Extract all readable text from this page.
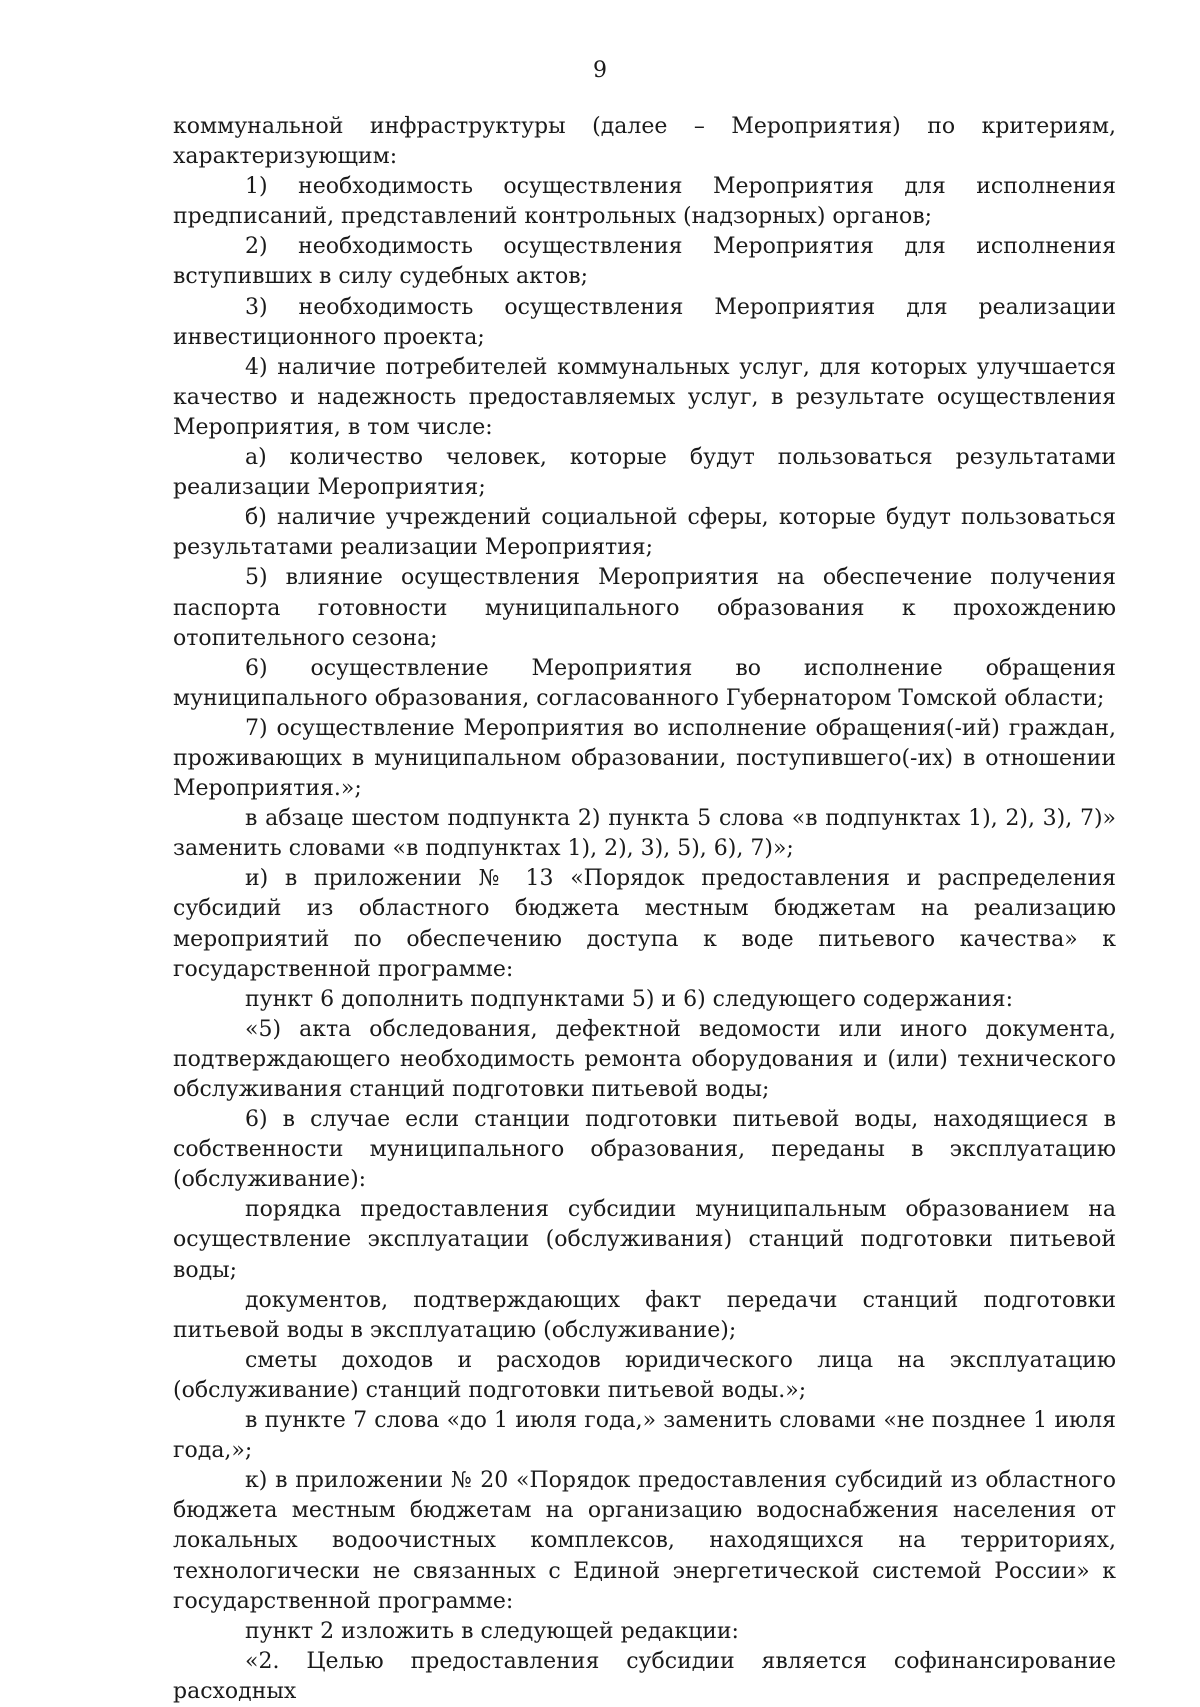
9

коммунальной инфраструктуры (далее – Мероприятия) по критериям, характеризующим:

1) необходимость осуществления Мероприятия для исполнения предписаний, представлений контрольных (надзорных) органов;

2) необходимость осуществления Мероприятия для исполнения вступивших в силу судебных актов;

3) необходимость осуществления Мероприятия для реализации инвестиционного проекта;

4) наличие потребителей коммунальных услуг, для которых улучшается качество и надежность предоставляемых услуг, в результате осуществления Мероприятия, в том числе:

а) количество человек, которые будут пользоваться результатами реализации Мероприятия;

б) наличие учреждений социальной сферы, которые будут пользоваться результатами реализации Мероприятия;

5) влияние осуществления Мероприятия на обеспечение получения паспорта готовности муниципального образования к прохождению отопительного сезона;

6) осуществление Мероприятия во исполнение обращения муниципального образования, согласованного Губернатором Томской области;

7) осуществление Мероприятия во исполнение обращения(-ий) граждан, проживающих в муниципальном образовании, поступившего(-их) в отношении Мероприятия.»;

в абзаце шестом подпункта 2) пункта 5 слова «в подпунктах 1), 2), 3), 7)» заменить словами «в подпунктах 1), 2), 3), 5), 6), 7)»;

и) в приложении № 13 «Порядок предоставления и распределения субсидий из областного бюджета местным бюджетам на реализацию мероприятий по обеспечению доступа к воде питьевого качества» к государственной программе:

пункт 6 дополнить подпунктами 5) и 6) следующего содержания:

«5) акта обследования, дефектной ведомости или иного документа, подтверждающего необходимость ремонта оборудования и (или) технического обслуживания станций подготовки питьевой воды;

6) в случае если станции подготовки питьевой воды, находящиеся в собственности муниципального образования, переданы в эксплуатацию (обслуживание):

порядка предоставления субсидии муниципальным образованием на осуществление эксплуатации (обслуживания) станций подготовки питьевой воды;

документов, подтверждающих факт передачи станций подготовки питьевой воды в эксплуатацию (обслуживание);

сметы доходов и расходов юридического лица на эксплуатацию (обслуживание) станций подготовки питьевой воды.»;

в пункте 7 слова «до 1 июля года,» заменить словами «не позднее 1 июля года,»;

к) в приложении № 20 «Порядок предоставления субсидий из областного бюджета местным бюджетам на организацию водоснабжения населения от локальных водоочистных комплексов, находящихся на территориях, технологически не связанных с Единой энергетической системой России» к государственной программе:

пункт 2 изложить в следующей редакции:

«2. Целью предоставления субсидии является софинансирование расходных
